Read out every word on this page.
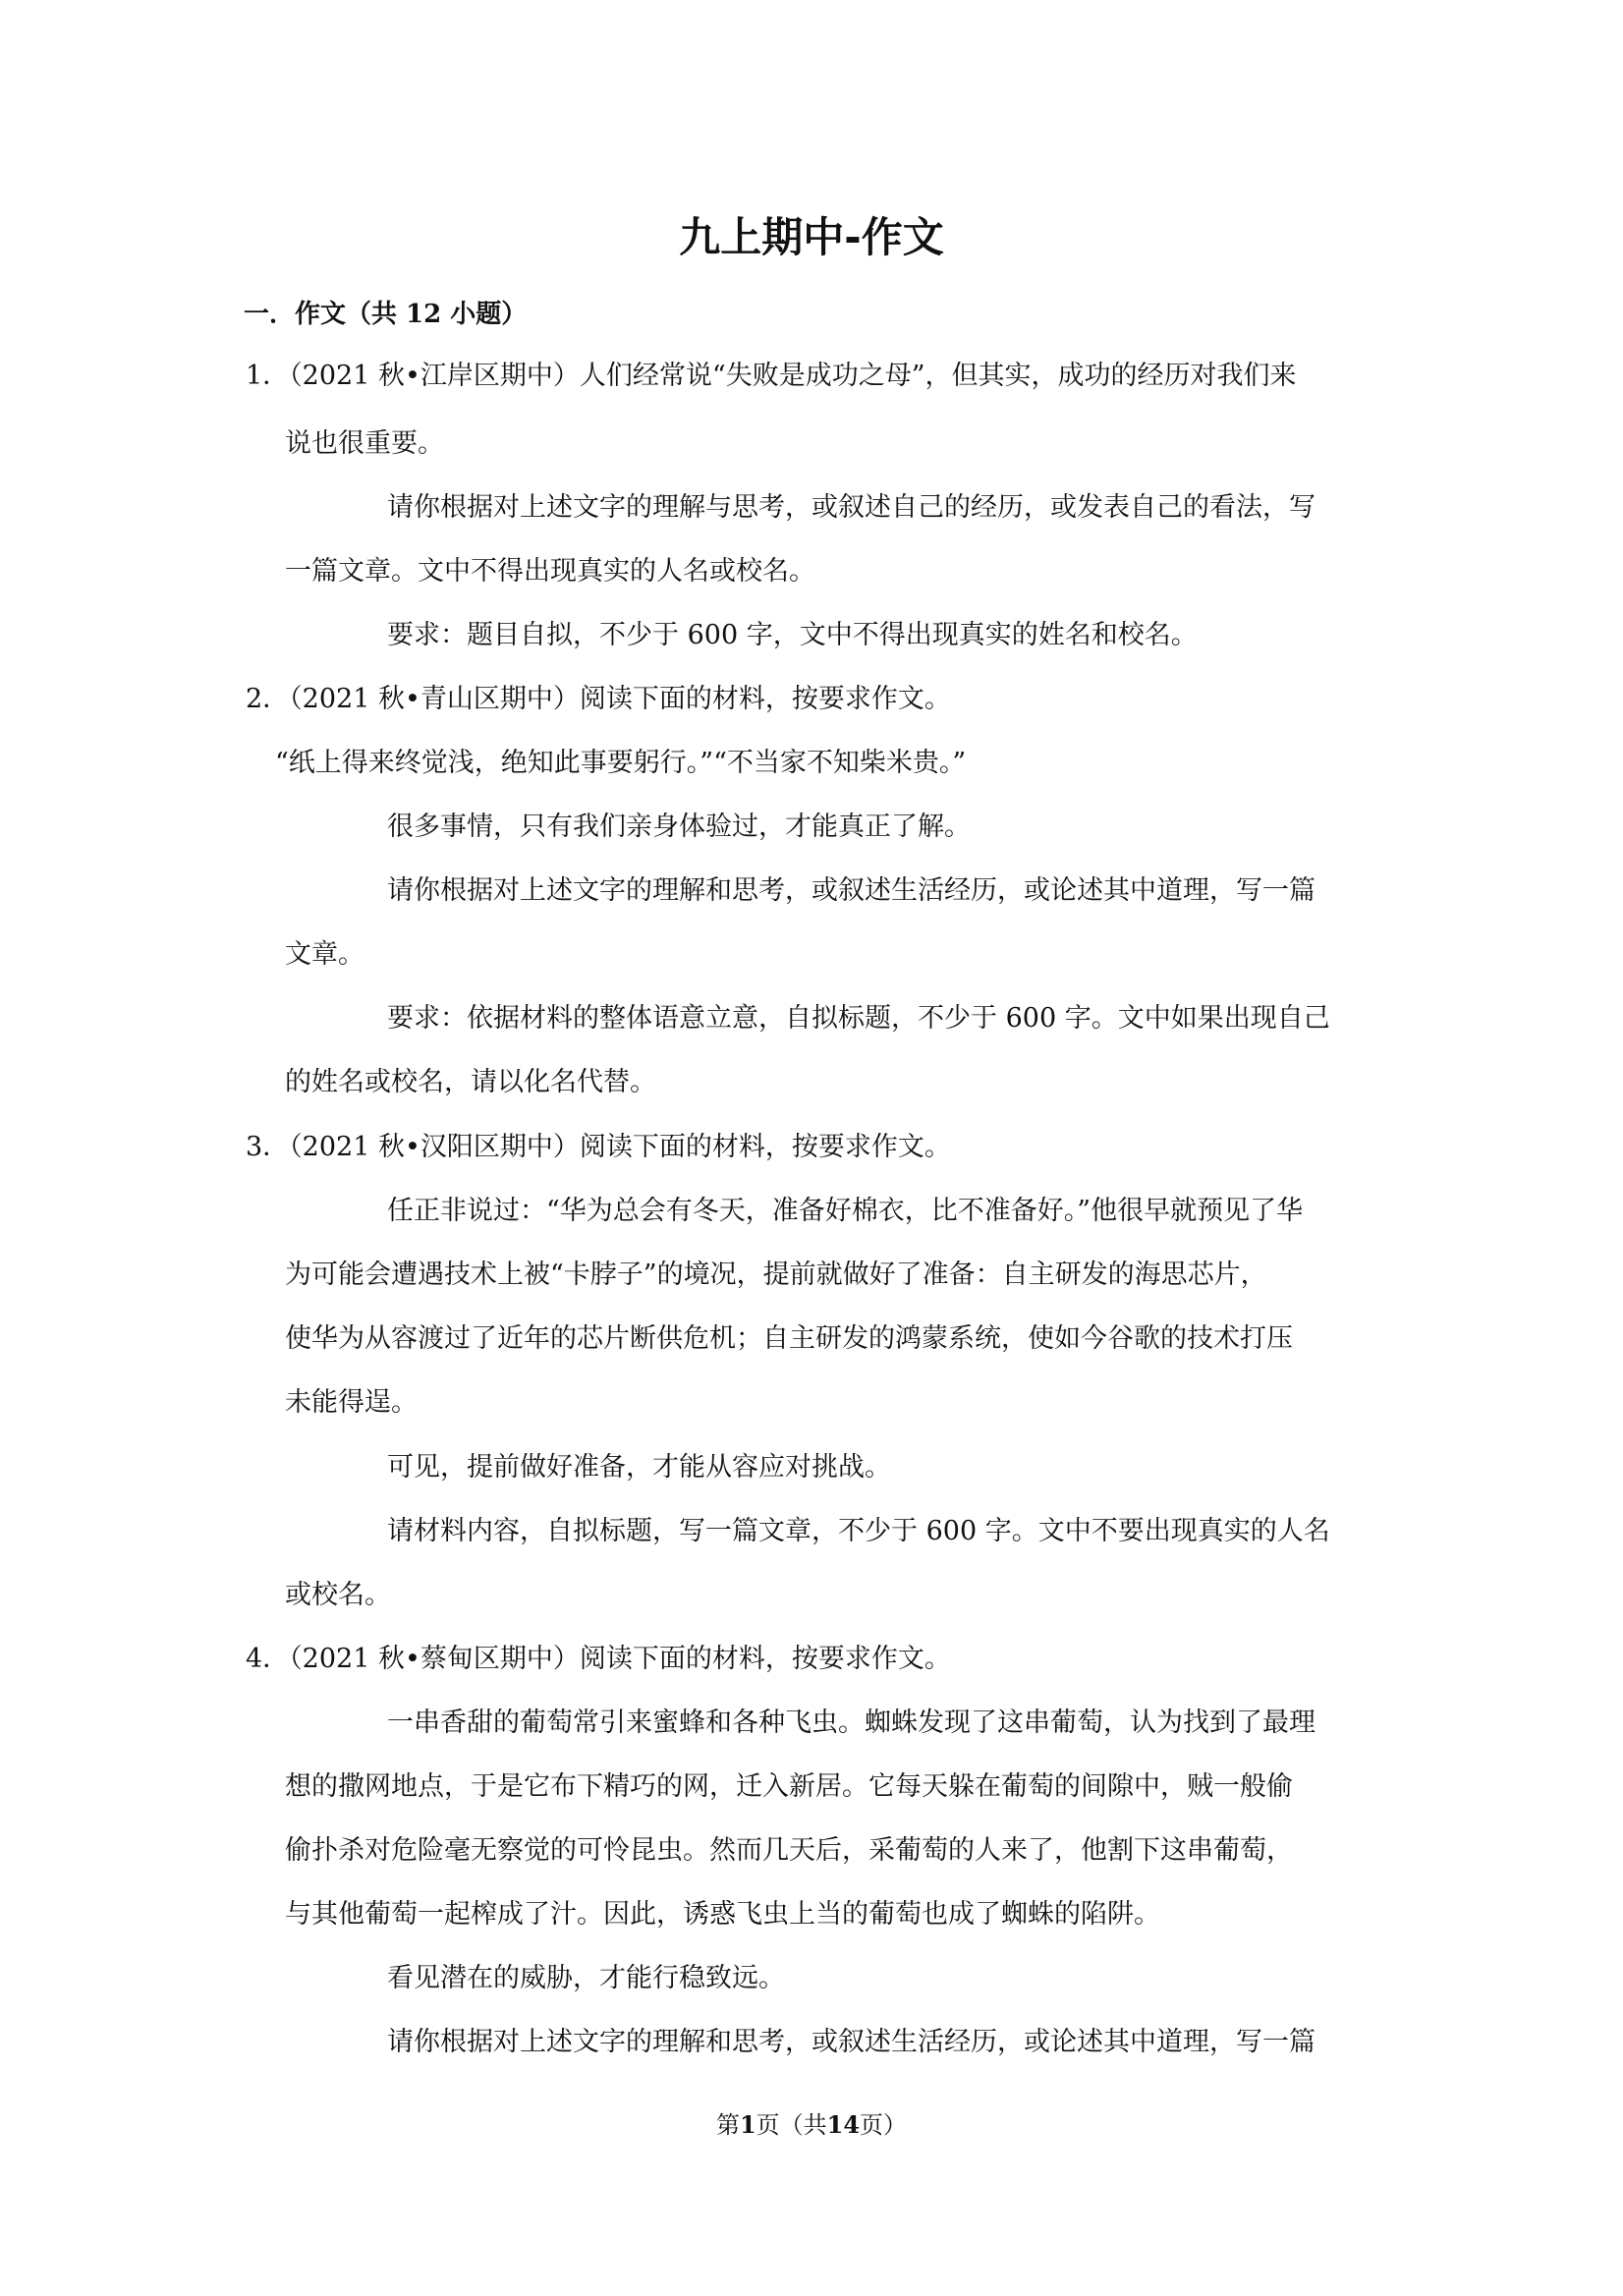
九上期中-作文
一．作文（共 12 小题）
1．（2021 秋•江岸区期中）人们经常说“失败是成功之母”，但其实，成功的经历对我们来
说也很重要。
请你根据对上述文字的理解与思考，或叙述自己的经历，或发表自己的看法，写
一篇文章。文中不得出现真实的人名或校名。
要求：题目自拟，不少于 600 字，文中不得出现真实的姓名和校名。
2．（2021 秋•青山区期中）阅读下面的材料，按要求作文。
“纸上得来终觉浅，绝知此事要躬行。”“不当家不知柴米贵。”
很多事情，只有我们亲身体验过，才能真正了解。
请你根据对上述文字的理解和思考，或叙述生活经历，或论述其中道理，写一篇
文章。
要求：依据材料的整体语意立意，自拟标题，不少于 600 字。文中如果出现自己
的姓名或校名，请以化名代替。
3．（2021 秋•汉阳区期中）阅读下面的材料，按要求作文。
任正非说过：“华为总会有冬天，准备好棉衣，比不准备好。”他很早就预见了华
为可能会遭遇技术上被“卡脖子”的境况，提前就做好了准备：自主研发的海思芯片，
使华为从容渡过了近年的芯片断供危机；自主研发的鸿蒙系统，使如今谷歌的技术打压
未能得逞。
可见，提前做好准备，才能从容应对挑战。
请材料内容，自拟标题，写一篇文章，不少于 600 字。文中不要出现真实的人名
或校名。
4．（2021 秋•蔡甸区期中）阅读下面的材料，按要求作文。
一串香甜的葡萄常引来蜜蜂和各种飞虫。蜘蛛发现了这串葡萄，认为找到了最理
想的撒网地点，于是它布下精巧的网，迁入新居。它每天躲在葡萄的间隙中，贼一般偷
偷扑杀对危险毫无察觉的可怜昆虫。然而几天后，采葡萄的人来了，他割下这串葡萄，
与其他葡萄一起榨成了汁。因此，诱惑飞虫上当的葡萄也成了蜘蛛的陷阱。
看见潜在的威胁，才能行稳致远。
请你根据对上述文字的理解和思考，或叙述生活经历，或论述其中道理，写一篇
第1页（共14页）
